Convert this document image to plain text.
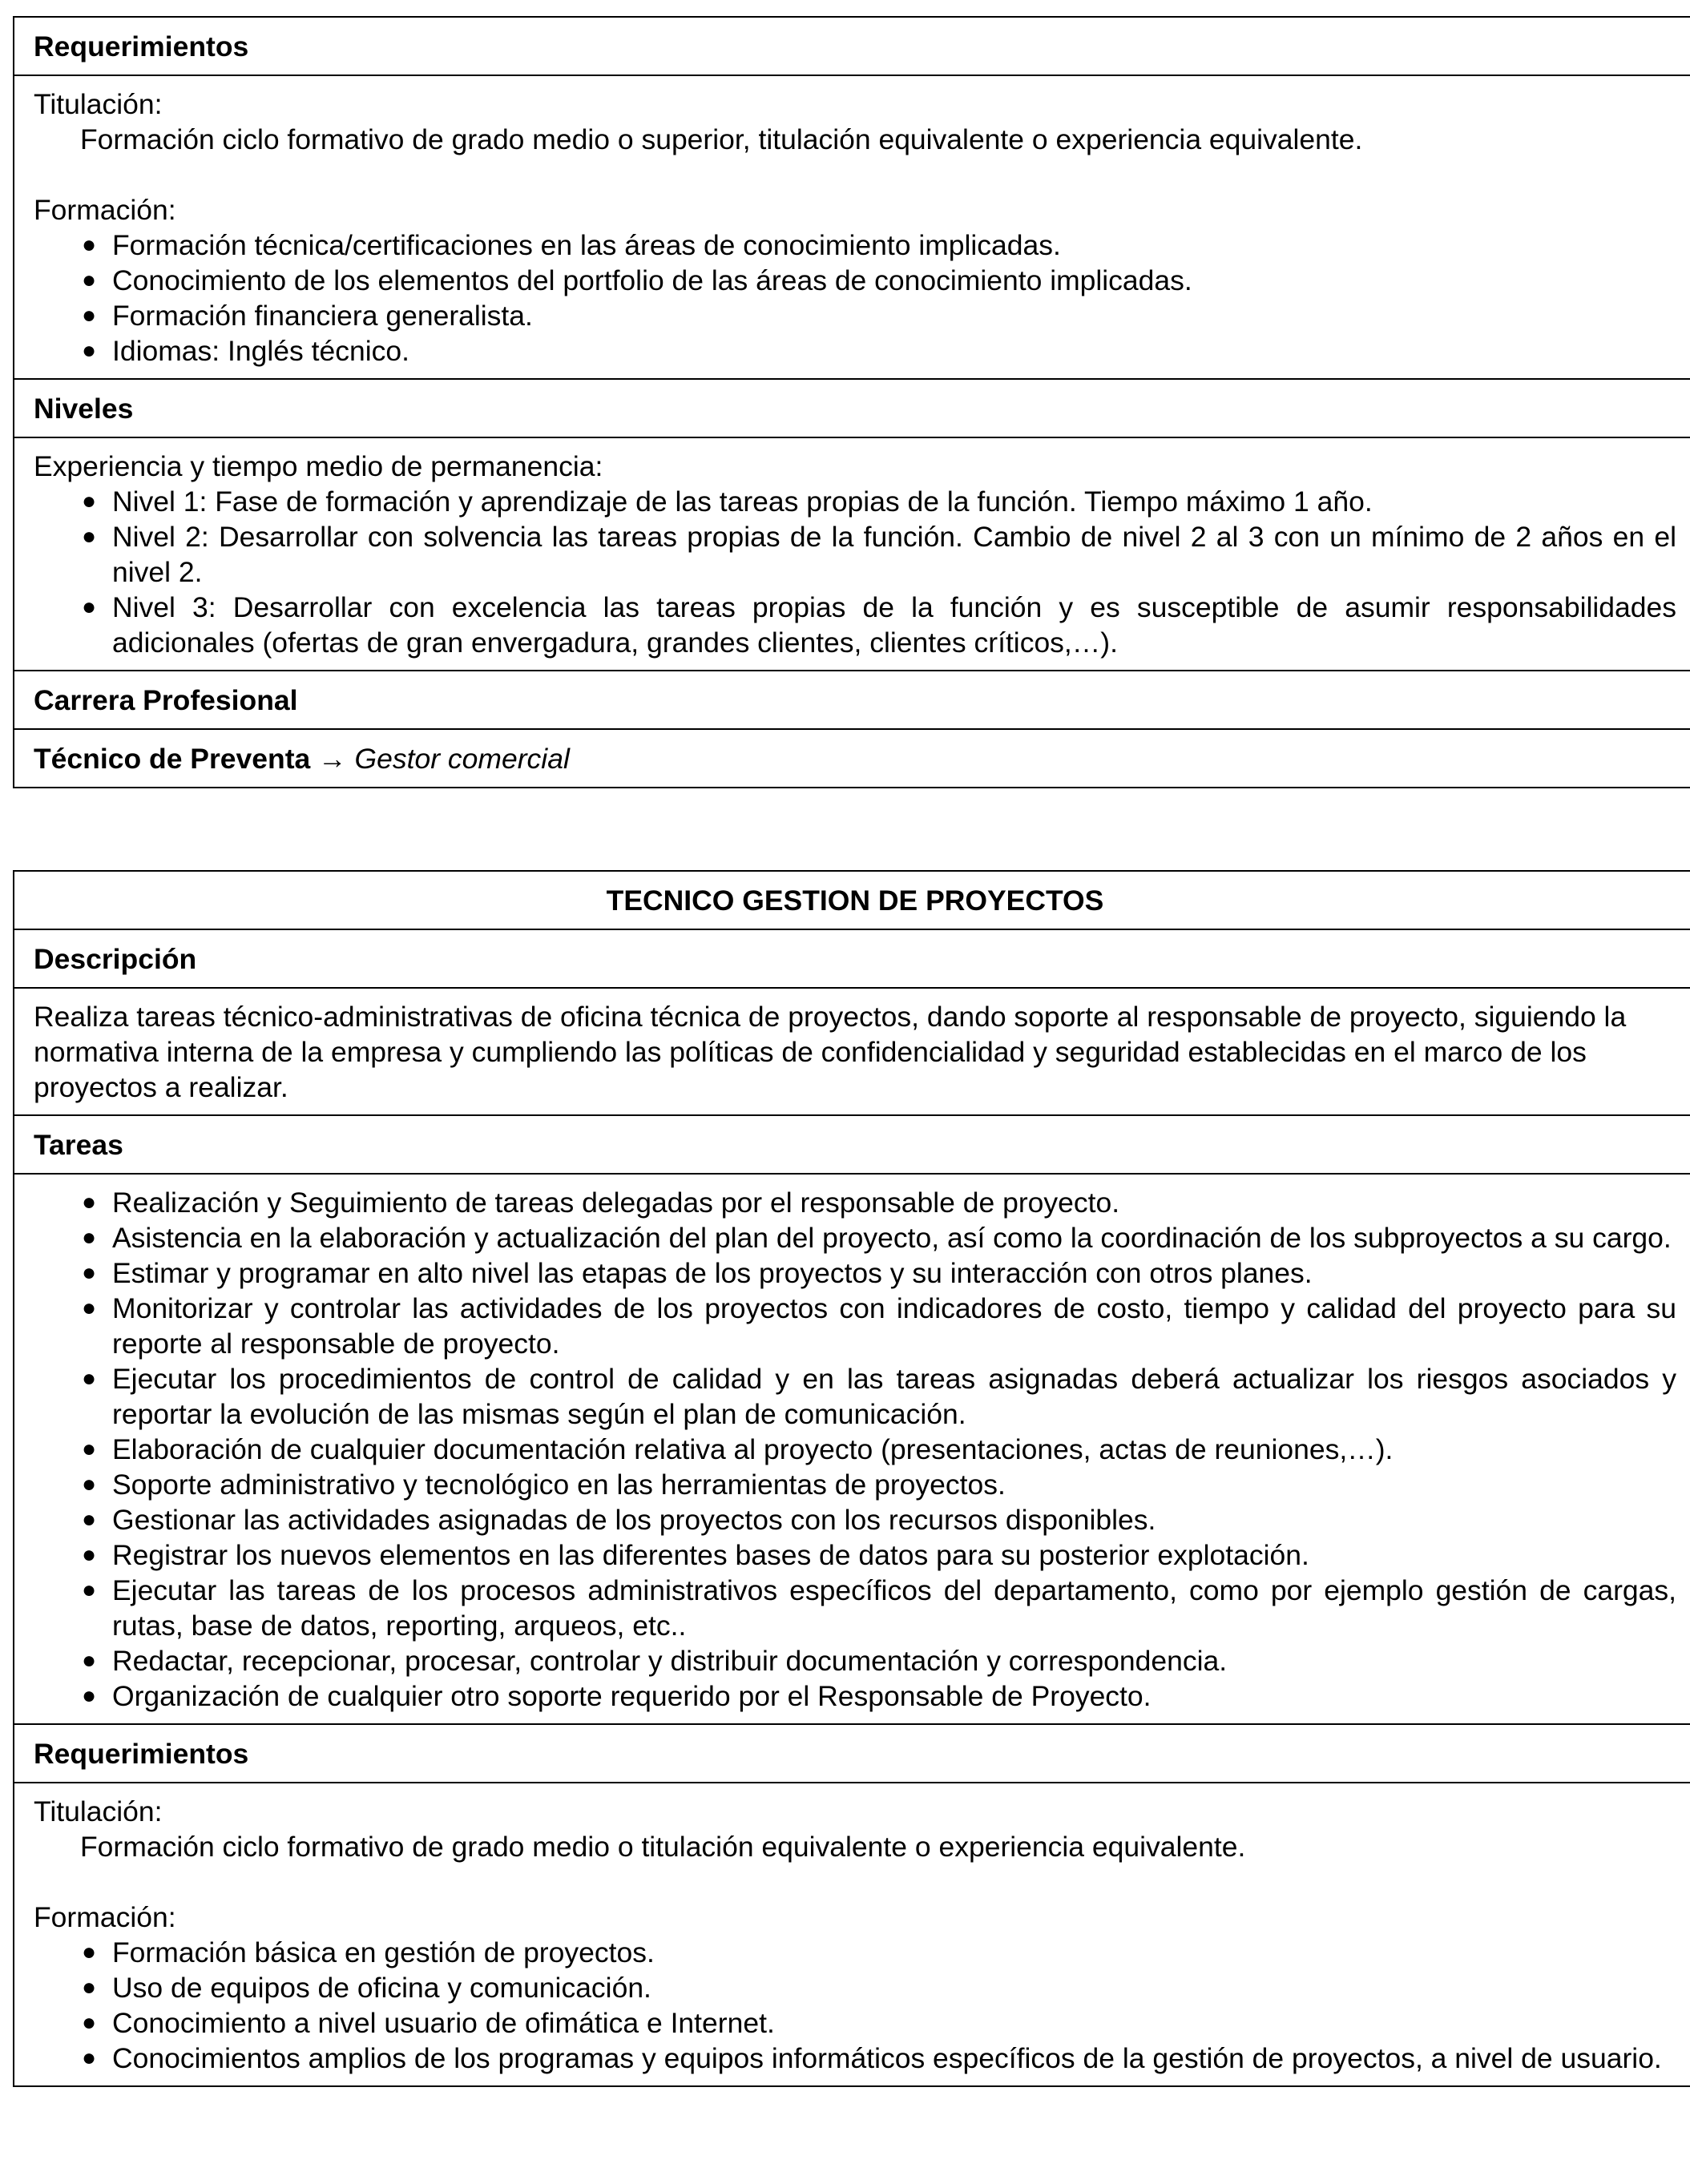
Requerimientos
Titulación:
Formación ciclo formativo de grado medio o superior, titulación equivalente o experiencia equivalente.
Formación:
● Formación técnica/certificaciones en las áreas de conocimiento implicadas.
● Conocimiento de los elementos del portfolio de las áreas de conocimiento implicadas.
● Formación financiera generalista.
● Idiomas: Inglés técnico.
Niveles
Experiencia y tiempo medio de permanencia:
● Nivel 1: Fase de formación y aprendizaje de las tareas propias de la función. Tiempo máximo 1 año.
● Nivel 2: Desarrollar con solvencia las tareas propias de la función. Cambio de nivel 2 al 3 con un mínimo de 2 años en el nivel 2.
● Nivel 3: Desarrollar con excelencia las tareas propias de la función y es susceptible de asumir responsabilidades adicionales (ofertas de gran envergadura, grandes clientes, clientes críticos,…).
Carrera Profesional
Técnico de Preventa
→
Gestor comercial
TECNICO GESTION DE PROYECTOS
Descripción
Realiza tareas técnico-administrativas de oficina técnica de proyectos, dando soporte al responsable de proyecto, siguiendo la normativa interna de la empresa y cumpliendo las políticas de confidencialidad y seguridad establecidas en el marco de los proyectos a realizar.
Tareas
● Realización y Seguimiento de tareas delegadas por el responsable de proyecto.
● Asistencia en la elaboración y actualización del plan del proyecto, así como la coordinación de los subproyectos a su cargo.
● Estimar y programar en alto nivel las etapas de los proyectos y su interacción con otros planes.
● Monitorizar y controlar las actividades de los proyectos con indicadores de costo, tiempo y calidad del proyecto para su reporte al responsable de proyecto.
● Ejecutar los procedimientos de control de calidad y en las tareas asignadas deberá actualizar los riesgos asociados y reportar la evolución de las mismas según el plan de comunicación.
● Elaboración de cualquier documentación relativa al proyecto (presentaciones, actas de reuniones,…).
● Soporte administrativo y tecnológico en las herramientas de proyectos.
● Gestionar las actividades asignadas de los proyectos con los recursos disponibles.
● Registrar los nuevos elementos en las diferentes bases de datos para su posterior explotación.
● Ejecutar las tareas de los procesos administrativos específicos del departamento, como por ejemplo gestión de cargas, rutas, base de datos, reporting, arqueos, etc..
● Redactar, recepcionar, procesar, controlar y distribuir documentación y correspondencia.
● Organización de cualquier otro soporte requerido por el Responsable de Proyecto.
Requerimientos
Titulación:
Formación ciclo formativo de grado medio o titulación equivalente o experiencia equivalente.
Formación:
● Formación básica en gestión de proyectos.
● Uso de equipos de oficina y comunicación.
● Conocimiento a nivel usuario de ofimática e Internet.
● Conocimientos amplios de los programas y equipos informáticos específicos de la gestión de proyectos, a nivel de usuario.
